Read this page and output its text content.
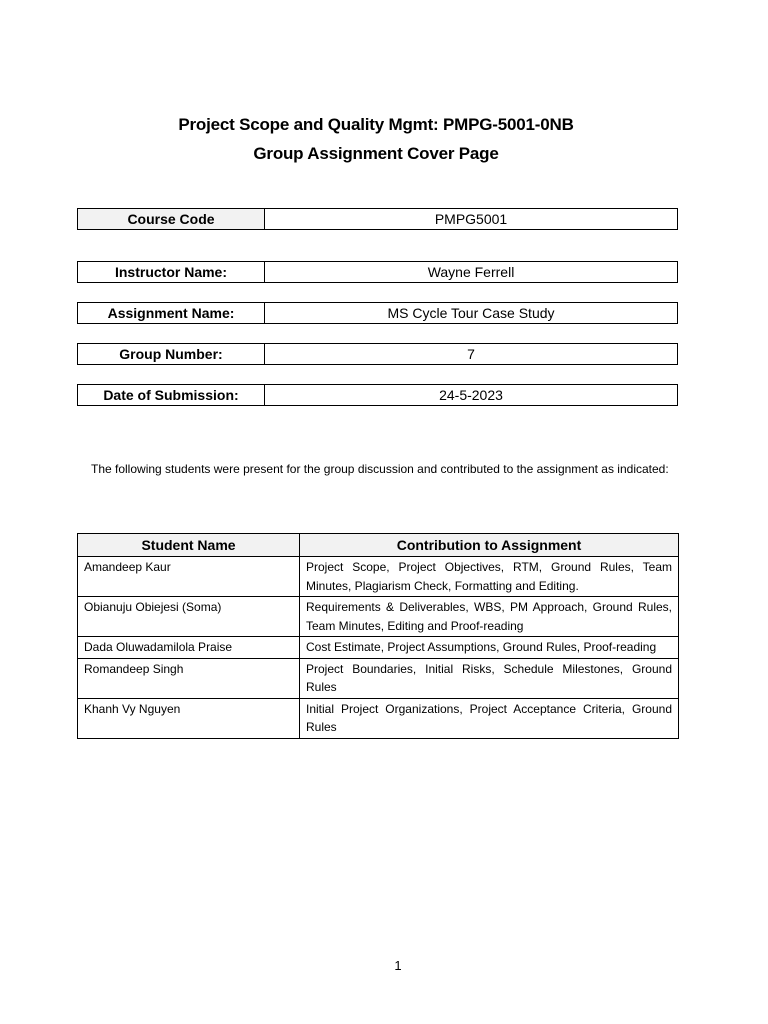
Project Scope and Quality Mgmt: PMPG-5001-0NB
Group Assignment Cover Page
Course Code	PMPG5001
Instructor Name:	Wayne Ferrell
Assignment Name:	MS Cycle Tour Case Study
Group Number:	7
Date of Submission:	24-5-2023
The following students were present for the group discussion and contributed to the assignment as indicated:
Student Name	Contribution to Assignment
Amandeep Kaur	Project Scope, Project Objectives, RTM, Ground Rules, Team Minutes, Plagiarism Check, Formatting and Editing.
Obianuju Obiejesi (Soma)	Requirements & Deliverables, WBS, PM Approach, Ground Rules, Team Minutes, Editing and Proof-reading
Dada Oluwadamilola Praise	Cost Estimate, Project Assumptions, Ground Rules, Proof-reading
Romandeep Singh	Project Boundaries, Initial Risks, Schedule Milestones, Ground Rules
Khanh Vy Nguyen	Initial Project Organizations, Project Acceptance Criteria, Ground Rules
1
